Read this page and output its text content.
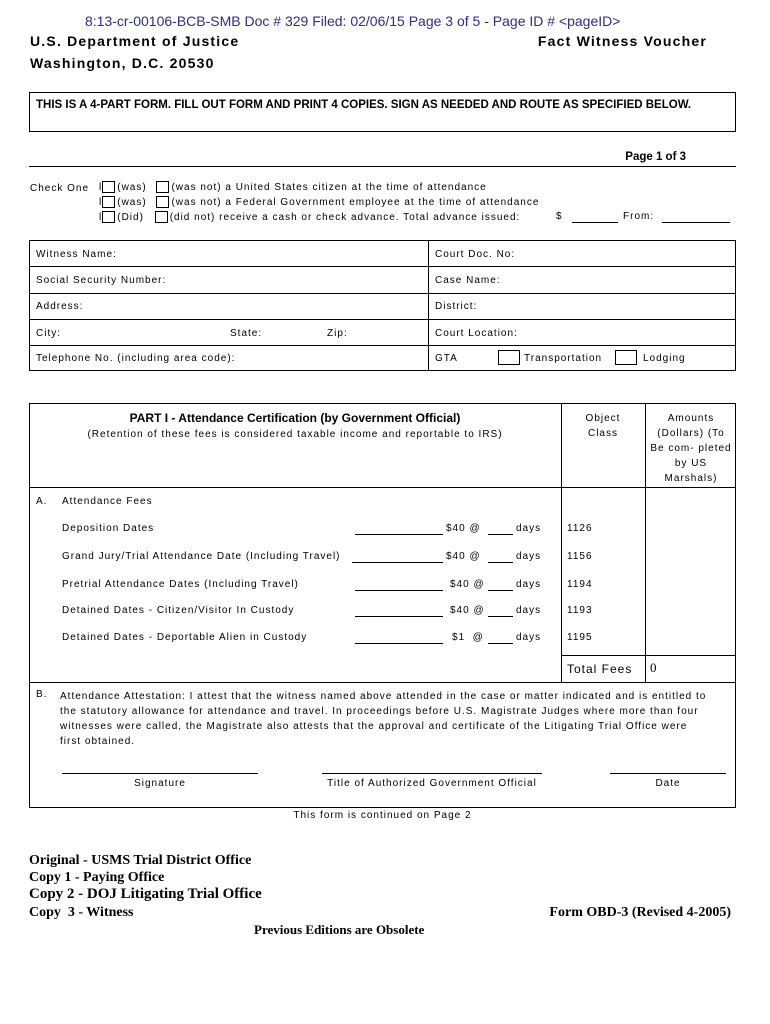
8:13-cr-00106-BCB-SMB Doc # 329 Filed: 02/06/15 Page 3 of 5 - Page ID # <pageID>
U.S. Department of Justice
Washington, D.C. 20530
Fact Witness Voucher
THIS IS A 4-PART FORM. FILL OUT FORM AND PRINT 4 COPIES. SIGN AS NEEDED AND ROUTE AS SPECIFIED BELOW.
Page 1 of 3
Check One l (was) (was not) a United States citizen at the time of attendance
l (was) (was not) a Federal Government employee at the time of attendance
l (Did)	(did not) receive a cash or check advance. Total advance issued:	$	From:
Witness Name:	Court Doc. No:
Social Security Number:	Case Name:
Address:	District:
City:	State:	Zip:	Court Location:
Telephone No. (including area code):	GTA	Transportation	Lodging
PART I - Attendance Certification (by Government Official)
(Retention of these fees is considered taxable income and reportable to IRS)
Object Class
Amounts (Dollars) (To Be com- pleted by US Marshals)
A. Attendance Fees
Deposition Dates	$40 @	days	1126
Grand Jury/Trial Attendance Date (Including Travel)	$40 @	days	1156
Pretrial Attendance Dates (Including Travel)	$40 @	days	1194
Detained Dates - Citizen/Visitor In Custody	$40 @	days	1193
Detained Dates - Deportable Alien in Custody	$1  @	days	1195
Total Fees 0
B. Attendance Attestation: I attest that the witness named above attended in the case or matter indicated and is entitled to the statutory allowance for attendance and travel. In proceedings before U.S. Magistrate Judges where more than four witnesses were called, the Magistrate also attests that the approval and certificate of the Litigating Trial Office were first obtained.
Signature	Title of Authorized Government Official	Date
This form is continued on Page 2
Original - USMS Trial District Office
Copy 1 - Paying Office
Copy 2 - DOJ Litigating Trial Office
Copy  3 - Witness	Form OBD-3 (Revised 4-2005)
Previous Editions are Obsolete
